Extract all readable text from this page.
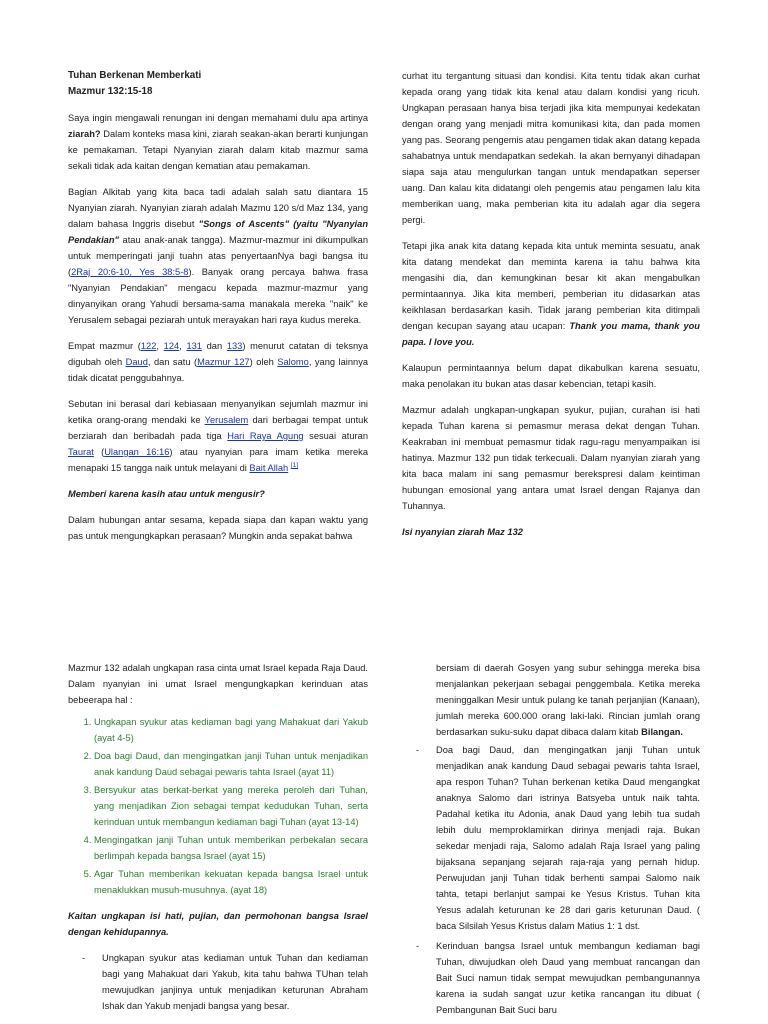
Tuhan Berkenan Memberkati
Mazmur 132:15-18

Saya ingin mengawali renungan ini dengan memahami dulu apa artinya ziarah? Dalam konteks masa kini, ziarah seakan-akan berarti kunjungan ke pemakaman. Tetapi Nyanyian ziarah dalam kitab mazmur sama sekali tidak ada kaitan dengan kematian atau pemakaman.

Bagian Alkitab yang kita baca tadi adalah salah satu diantara 15 Nyanyian ziarah. Nyanyian ziarah adalah Mazmu 120 s/d Maz 134, yang dalam bahasa Inggris disebut "Songs of Ascents" (yaitu "Nyanyian Pendakian" atau anak-anak tangga). Mazmur-mazmur ini dikumpulkan untuk memperingati janji tuahn atas penyertaanNya bagi bangsa itu (2Raj 20:6-10, Yes 38:5-8). Banyak orang percaya bahwa frasa "Nyanyian Pendakian" mengacu kepada mazmur-mazmur yang dinyanyikan orang Yahudi bersama-sama manakala mereka "naik" ke Yerusalem sebagai peziarah untuk merayakan hari raya kudus mereka.

Empat mazmur (122, 124, 131 dan 133) menurut catatan di teksnya digubah oleh Daud, dan satu (Mazmur 127) oleh Salomo, yang lainnya tidak dicatat penggubahnya.

Sebutan ini berasal dari kebiasaan menyanyikan sejumlah mazmur ini ketika orang-orang mendaki ke Yerusalem dari berbagai tempat untuk berziarah dan beribadah pada tiga Hari Raya Agung sesuai aturan Taurat (Ulangan 16:16) atau nyanyian para imam ketika mereka menapaki 15 tangga naik untuk melayani di Bait Allah [1]

Memberi karena kasih atau untuk mengusir?

Dalam hubungan antar sesama, kepada siapa dan kapan waktu yang pas untuk mengungkapkan perasaan? Mungkin anda sepakat bahwa

curhat itu tergantung situasi dan kondisi. Kita tentu tidak akan curhat kepada orang yang tidak kita kenal atau dalam kondisi yang ricuh. Ungkapan perasaan hanya bisa terjadi jika kita mempunyai kedekatan dengan orang yang menjadi mitra komunikasi kita, dan pada momen yang pas. Seorang pengemis atau pengamen tidak akan datang kepada sahabatnya untuk mendapatkan sedekah. Ia akan bernyanyi dihadapan siapa saja atau mengulurkan tangan untuk mendapatkan seperser uang. Dan kalau kita didatangi oleh pengemis atau pengamen lalu kita memberikan uang, maka pemberian kita itu adalah agar dia segera pergi.

Tetapi jika anak kita datang kepada kita untuk meminta sesuatu, anak kita datang mendekat dan meminta karena ia tahu bahwa kita mengasihi dia, dan kemungkinan besar kit akan mengabulkan permintaannya. Jika kita memberi, pemberian itu didasarkan atas keikhlasan berdasarkan kasih. Tidak jarang pemberian kita ditimpali dengan kecupan sayang atau ucapan: Thank you mama, thank you papa. I love you.

Kalaupun permintaannya belum dapat dikabulkan karena sesuatu, maka penolakan itu bukan atas dasar kebencian, tetapi kasih.

Mazmur adalah ungkapan-ungkapan syukur, pujian, curahan isi hati kepada Tuhan karena si pemasmur merasa dekat dengan Tuhan. Keakraban ini membuat pemasmur tidak ragu-ragu menyampaikan isi hatinya. Mazmur 132 pun tidak terkecuali. Dalam nyanyian ziarah yang kita baca malam ini sang pemasmur berekspresi dalam keintiman hubungan emosional yang antara umat Israel dengan Rajanya dan Tuhannya.

Isi nyanyian ziarah Maz 132

Mazmur 132 adalah ungkapan rasa cinta umat Israel kepada Raja Daud. Dalam nyanyian ini umat Israel mengungkapkan kerinduan atas bebeerapa hal :

1. Ungkapan syukur atas kediaman bagi yang Mahakuat dari Yakub (ayat 4-5)
2. Doa bagi Daud, dan mengingatkan janji Tuhan untuk menjadikan anak kandung Daud sebagai pewaris tahta Israel (ayat 11)
3. Bersyukur atas berkat-berkat yang mereka peroleh dari Tuhan, yang menjadikan Zion sebagai tempat kedudukan Tuhan, serta kerinduan untuk membangun kediaman bagi Tuhan (ayat 13-14)
4. Mengingatkan janji Tuhan untuk memberikan perbekalan secara berlimpah kepada bangsa Israel (ayat 15)
5. Agar Tuhan memberikan kekuatan kepada bangsa Israel untuk menaklukkan musuh-musuhnya. (ayat 18)

Kaitan ungkapan isi hati, pujian, dan permohonan bangsa Israel dengan kehidupannya.

- Ungkapan syukur atas kediaman untuk Tuhan dan kediaman bagi yang Mahakuat dari Yakub, kita tahu bahwa TUhan telah mewujudkan janjinya untuk menjadikan keturunan Abraham Ishak dan Yakub menjadi bangsa yang besar.
bersiam di daerah Gosyen yang subur sehingga mereka bisa menjalankan pekerjaan sebagai penggembala. Ketika mereka meninggalkan Mesir untuk pulang ke tanah perjanjian (Kanaan), jumlah mereka 600.000 orang laki-laki. Rincian jumlah orang berdasarkan suku-suku dapat dibaca dalam kitab Bilangan.
- Doa bagi Daud, dan mengingatkan janji Tuhan untuk menjadikan anak kandung Daud sebagai pewaris tahta Israel, apa respon Tuhan? Tuhan berkenan ketika Daud mengangkat anaknya Salomo dari istrinya Batsyeba untuk naik tahta. Padahal ketika itu Adonia, anak Daud yang lebih tua sudah lebih dulu memproklamirkan dirinya menjadi raja. Bukan sekedar menjadi raja, Salomo adalah Raja Israel yang paling bijaksana sepanjang sejarah raja-raja yang pernah hidup. Perwujudan janji Tuhan tidak berhenti sampai Salomo naik tahta, tetapi berlanjut sampai ke Yesus Kristus. Tuhan kita Yesus adalah keturunan ke 28 dari garis keturunan Daud. ( baca Silsilah Yesus Kristus dalam Matius 1: 1 dst.
- Kerinduan bangsa Israel untuk membangun kediaman bagi Tuhan, diwujudkan oleh Daud yang membuat rancangan dan Bait Suci namun tidak sempat mewujudkan pembangunannya karena ia sudah sangat uzur ketika rancangan itu dibuat ( Pembangunan Bait Suci baru
